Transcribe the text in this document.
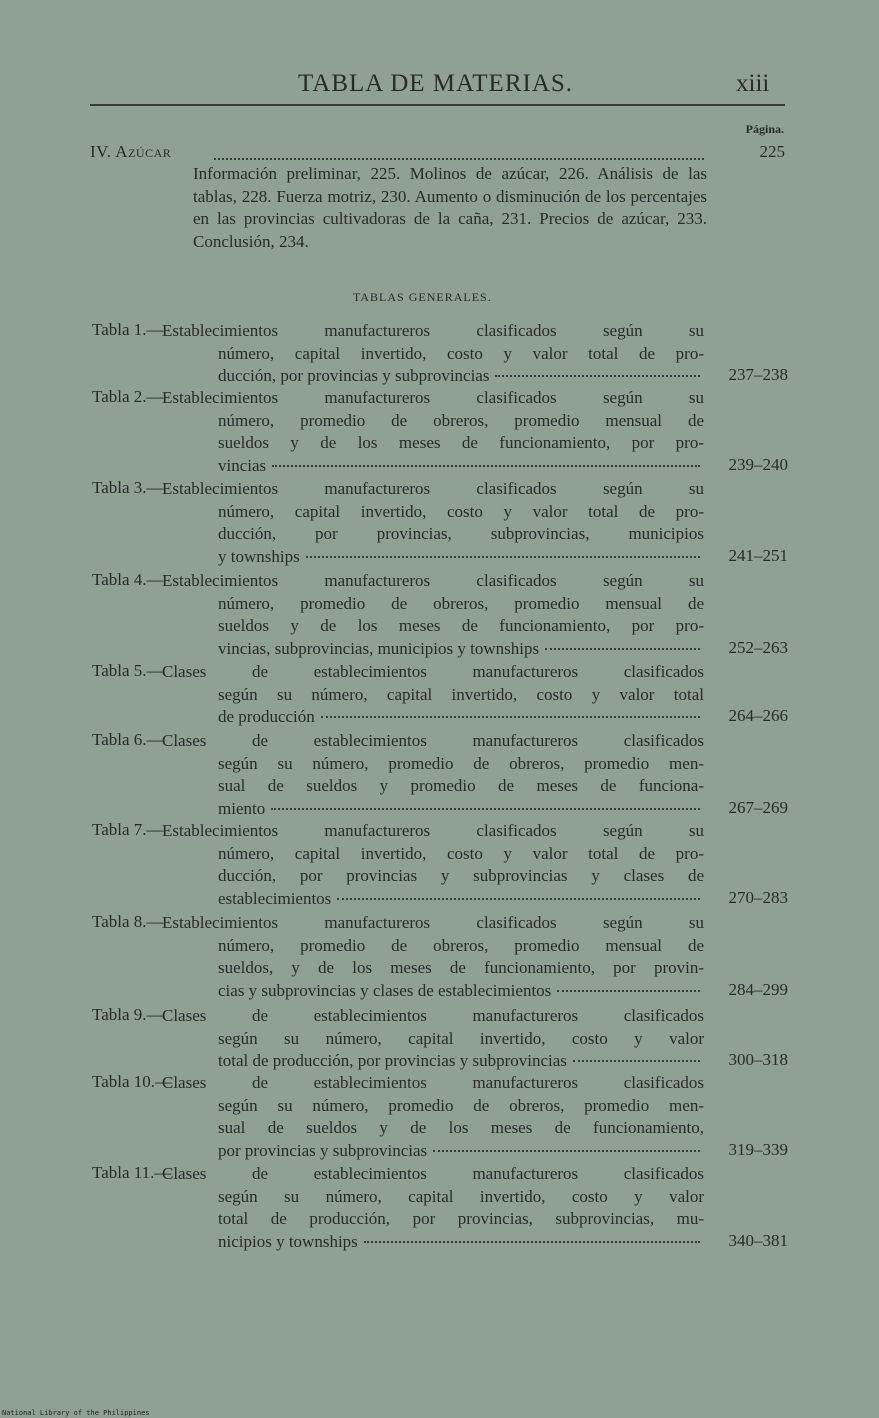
TABLA DE MATERIAS.	xiii
Página.
IV. Azúcar	225
Información preliminar, 225. Molinos de azúcar, 226. Análisis de las tablas, 228. Fuerza motriz, 230. Aumento o disminución de los percentajes en las provincias cultivadoras de la caña, 231. Precios de azúcar, 233. Conclusión, 234.
TABLAS GENERALES.
Tabla 1.—
Establecimientos manufactureros clasificados según su
número, capital invertido, costo y valor total de pro-
ducción, por provincias y subprovincias	237–238
Tabla 2.—
Establecimientos manufactureros clasificados según su
número, promedio de obreros, promedio mensual de
sueldos y de los meses de funcionamiento, por pro-
vincias	239–240
Tabla 3.—
Establecimientos manufactureros clasificados según su
número, capital invertido, costo y valor total de pro-
ducción, por provincias, subprovincias, municipios
y townships	241–251
Tabla 4.—
Establecimientos manufactureros clasificados según su
número, promedio de obreros, promedio mensual de
sueldos y de los meses de funcionamiento, por pro-
vincias, subprovincias, municipios y townships	252–263
Tabla 5.—
Clases de establecimientos manufactureros clasificados
según su número, capital invertido, costo y valor total
de producción	264–266
Tabla 6.—
Clases de establecimientos manufactureros clasificados
según su número, promedio de obreros, promedio men-
sual de sueldos y promedio de meses de funciona-
miento	267–269
Tabla 7.—
Establecimientos manufactureros clasificados según su
número, capital invertido, costo y valor total de pro-
ducción, por provincias y subprovincias y clases de
establecimientos	270–283
Tabla 8.—
Establecimientos manufactureros clasificados según su
número, promedio de obreros, promedio mensual de
sueldos, y de los meses de funcionamiento, por provin-
cias y subprovincias y clases de establecimientos	284–299
Tabla 9.—
Clases de establecimientos manufactureros clasificados
según su número, capital invertido, costo y valor
total de producción, por provincias y subprovincias	300–318
Tabla 10.—
Clases de establecimientos manufactureros clasificados
según su número, promedio de obreros, promedio men-
sual de sueldos y de los meses de funcionamiento,
por provincias y subprovincias	319–339
Tabla 11.—
Clases de establecimientos manufactureros clasificados
según su número, capital invertido, costo y valor
total de producción, por provincias, subprovincias, mu-
nicipios y townships	340–381
National Library of the Philippines
